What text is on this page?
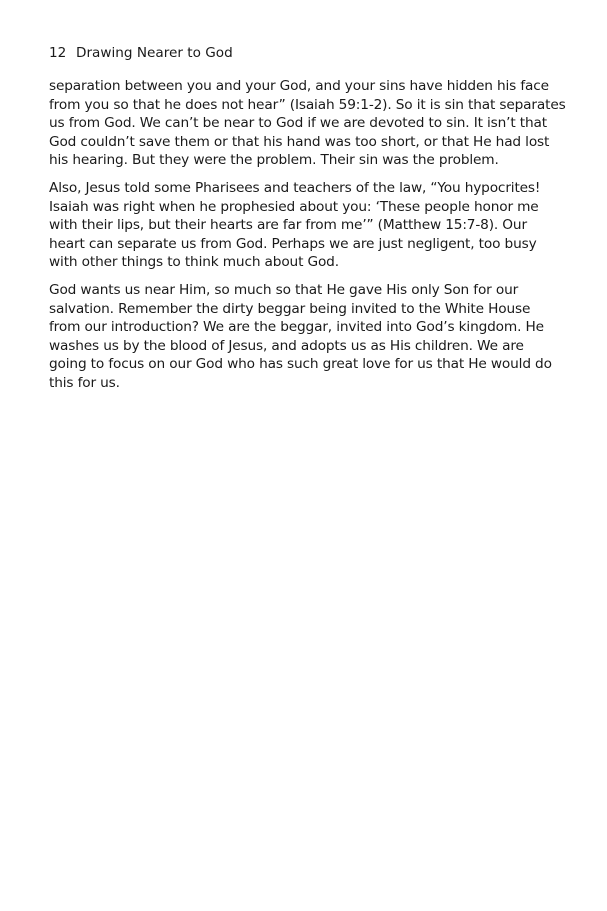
12 Drawing Nearer to God

separation between you and your God, and your sins have hidden his face
from you so that he does not hear” (Isaiah 59:1-2). So it is sin that separates
us from God. We can’t be near to God if we are devoted to sin. It isn’t that
God couldn’t save them or that his hand was too short, or that He had lost
his hearing. But they were the problem. Their sin was the problem.

Also, Jesus told some Pharisees and teachers of the law, “You hypocrites!
Isaiah was right when he prophesied about you: ‘These people honor me
with their lips, but their hearts are far from me’” (Matthew 15:7-8). Our
heart can separate us from God. Perhaps we are just negligent, too busy
with other things to think much about God.

God wants us near Him, so much so that He gave His only Son for our
salvation. Remember the dirty beggar being invited to the White House
from our introduction? We are the beggar, invited into God’s kingdom. He
washes us by the blood of Jesus, and adopts us as His children. We are
going to focus on our God who has such great love for us that He would do
this for us.
